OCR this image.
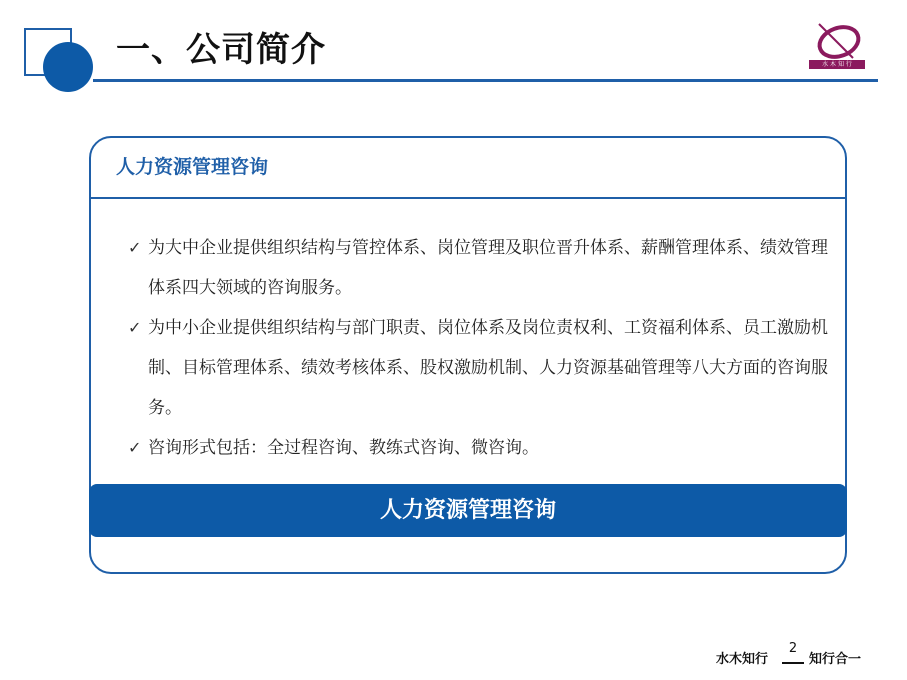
一、公司简介	水 木 知 行
人力资源管理咨询
✓ 为大中企业提供组织结构与管控体系、岗位管理及职位晋升体系、薪酬管理体系、绩效管理体系四大领域的咨询服务。
✓ 为中小企业提供组织结构与部门职责、岗位体系及岗位责权利、工资福利体系、员工激励机制、目标管理体系、绩效考核体系、股权激励机制、人力资源基础管理等八大方面的咨询服务。
✓ 咨询形式包括：全过程咨询、教练式咨询、微咨询。
人力资源管理咨询
水木知行
2
知行合一
